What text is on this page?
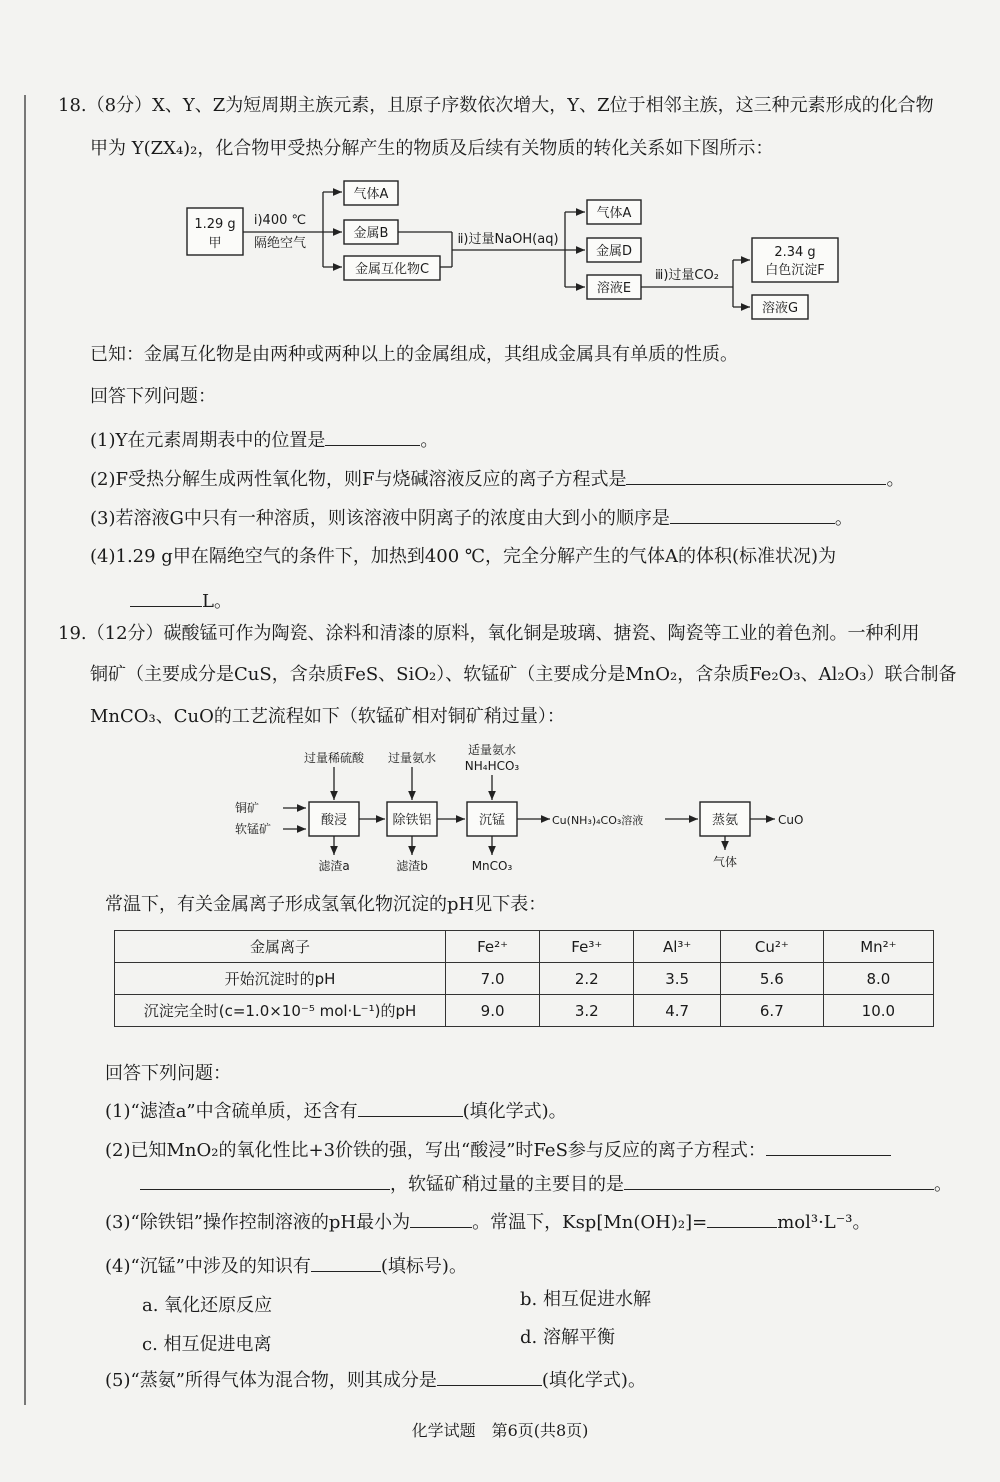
18.（8分）X、Y、Z为短周期主族元素，且原子序数依次增大，Y、Z位于相邻主族，这三种元素形成的化合物
甲为 Y(ZX₄)₂，化合物甲受热分解产生的物质及后续有关物质的转化关系如下图所示：
1.29 g
甲
ⅰ)400 ℃
隔绝空气
气体A
金属B
金属互化物C
ⅱ)过量NaOH(aq)
气体A
金属D
溶液E
ⅲ)过量CO₂
2.34 g
白色沉淀F
溶液G
已知：金属互化物是由两种或两种以上的金属组成，其组成金属具有单质的性质。
回答下列问题：
(1)Y在元素周期表中的位置是	。
(2)F受热分解生成两性氧化物，则F与烧碱溶液反应的离子方程式是	。
(3)若溶液G中只有一种溶质，则该溶液中阴离子的浓度由大到小的顺序是	。
(4)1.29 g甲在隔绝空气的条件下，加热到400 ℃，完全分解产生的气体A的体积(标准状况)为
L。
19.（12分）碳酸锰可作为陶瓷、涂料和清漆的原料，氧化铜是玻璃、搪瓷、陶瓷等工业的着色剂。一种利用
铜矿（主要成分是CuS，含杂质FeS、SiO₂）、软锰矿（主要成分是MnO₂，含杂质Fe₂O₃、Al₂O₃）联合制备
MnCO₃、CuO的工艺流程如下（软锰矿相对铜矿稍过量）：
铜矿
软锰矿
过量稀硫酸 过量氨水
适量氨水
NH₄HCO₃
酸浸	除铁铝	沉锰	Cu(NH₃)₄CO₃溶液	蒸氨	CuO
滤渣a	滤渣b	MnCO₃	气体
常温下，有关金属离子形成氢氧化物沉淀的pH见下表：
金属离子	Fe²⁺	Fe³⁺	Al³⁺	Cu²⁺	Mn²⁺
开始沉淀时的pH	7.0	2.2	3.5	5.6	8.0
沉淀完全时(c=1.0×10⁻⁵ mol·L⁻¹)的pH	9.0	3.2	4.7	6.7	10.0
回答下列问题：
(1)“滤渣a”中含硫单质，还含有	(填化学式)。
(2)已知MnO₂的氧化性比+3价铁的强，写出“酸浸”时FeS参与反应的离子方程式：
，软锰矿稍过量的主要目的是	。
(3)“除铁铝”操作控制溶液的pH最小为	。常温下，Ksp[Mn(OH)₂]=	mol³·L⁻³。
(4)“沉锰”中涉及的知识有	(填标号)。
a. 氧化还原反应	b. 相互促进水解
c. 相互促进电离	d. 溶解平衡
(5)“蒸氨”所得气体为混合物，则其成分是	(填化学式)。
化学试题　第6页(共8页)
